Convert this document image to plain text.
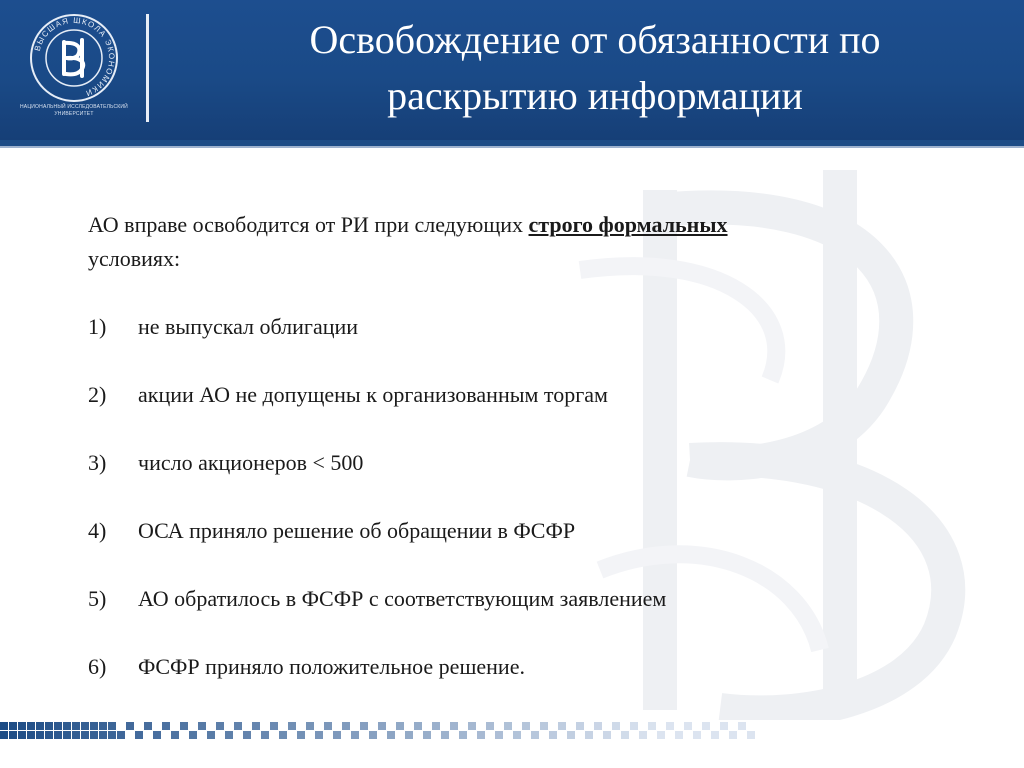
ВЫСШАЯ ШКОЛА ЭКОНОМИКИ
НАЦИОНАЛЬНЫЙ ИССЛЕДОВАТЕЛЬСКИЙ
УНИВЕРСИТЕТ
Освобождение от обязанности по
раскрытию информации

АО вправе освободится от РИ при следующих строго формальных
условиях:

1)	не выпускал облигации
2)	акции АО не допущены к организованным торгам
3)	число акционеров < 500
4)	ОСА приняло решение об обращении в ФСФР
5)	АО обратилось в ФСФР с соответствующим заявлением
6)	ФСФР приняло положительное решение.
